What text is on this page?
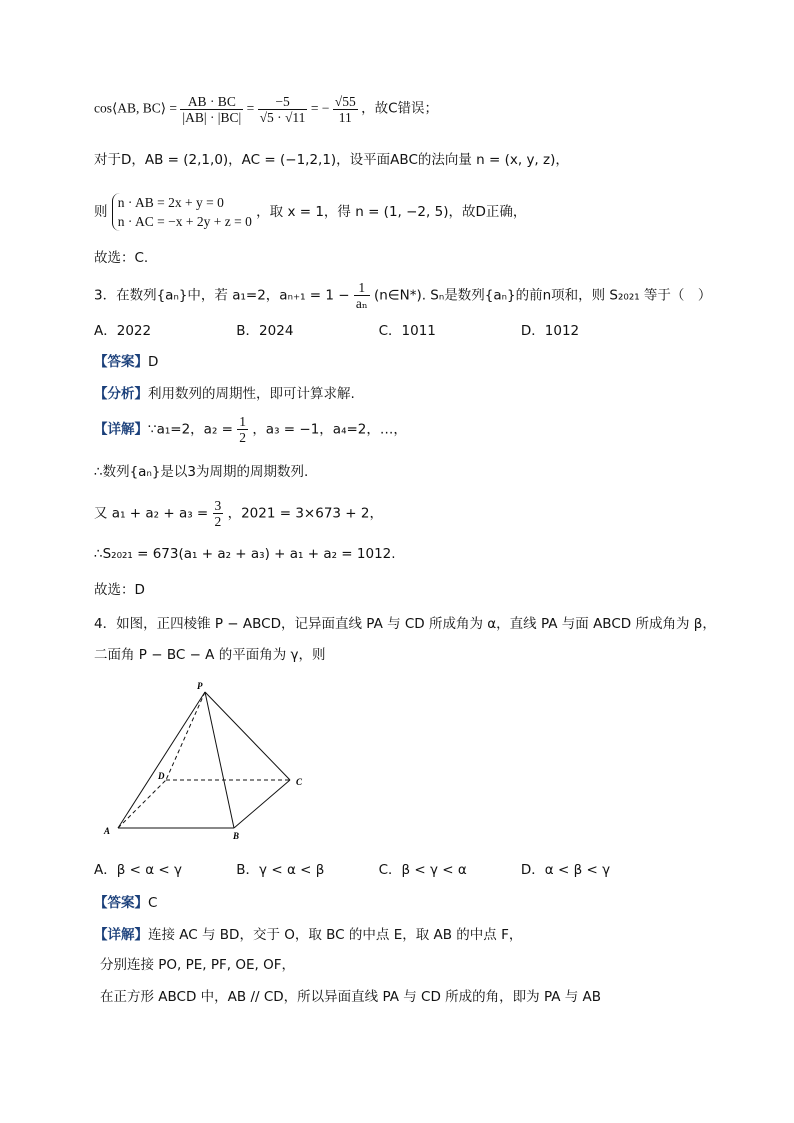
cos⟨AB, BC⟩ = $\frac{AB \cdot BC}{|AB| \cdot |BC|} = \frac{-5}{√5 \cdot √11}$ = − $\frac{√55}{11}$ ，故C错误；
对于D，AB = (2,1,0)，AC = (−1,2,1)，设平面ABC的法向量 n = (x, y, z)，
则
n · AB = 2x + y = 0
n · AC = −x + 2y + z = 0
，取 x = 1，得 n = (1, −2, 5)，故D正确，
故选：C.
3．在数列{aₙ}中，若 a₁=2，$a_{n+1} = 1 - \frac{1}{\text{aₙ}}$ (n∈N*). Sₙ是数列{aₙ}的前n项和，则 S₂₀₂₁ 等于（　）
A．2022	B．2024	C．1011	D．1012
【答案】D
【分析】利用数列的周期性，即可计算求解.
【详解】∵a₁=2，$a_2 = \frac{1}{2}$ ，a₃ = −1，a₄=2，…，
∴数列{aₙ}是以3为周期的周期数列.
又 $a_1 + a_2 + a_3 = \frac{3}{2}$ ，2021 = 3×673 + 2，
∴S₂₀₂₁ = 673(a₁ + a₂ + a₃) + a₁ + a₂ = 1012.
故选：D
4．如图，正四棱锥 P − ABCD，记异面直线 PA 与 CD 所成角为 α，直线 PA 与面 ABCD 所成角为 β，
二面角 P − BC − A 的平面角为 γ，则
P
D
C
A	B
A．β < α < γ	B．γ < α < β	C．β < γ < α	D．α < β < γ
【答案】C
【详解】连接 AC 与 BD，交于 O，取 BC 的中点 E，取 AB 的中点 F，
分别连接 PO, PE, PF, OE, OF，
在正方形 ABCD 中，AB // CD，所以异面直线 PA 与 CD 所成的角，即为 PA 与 AB
